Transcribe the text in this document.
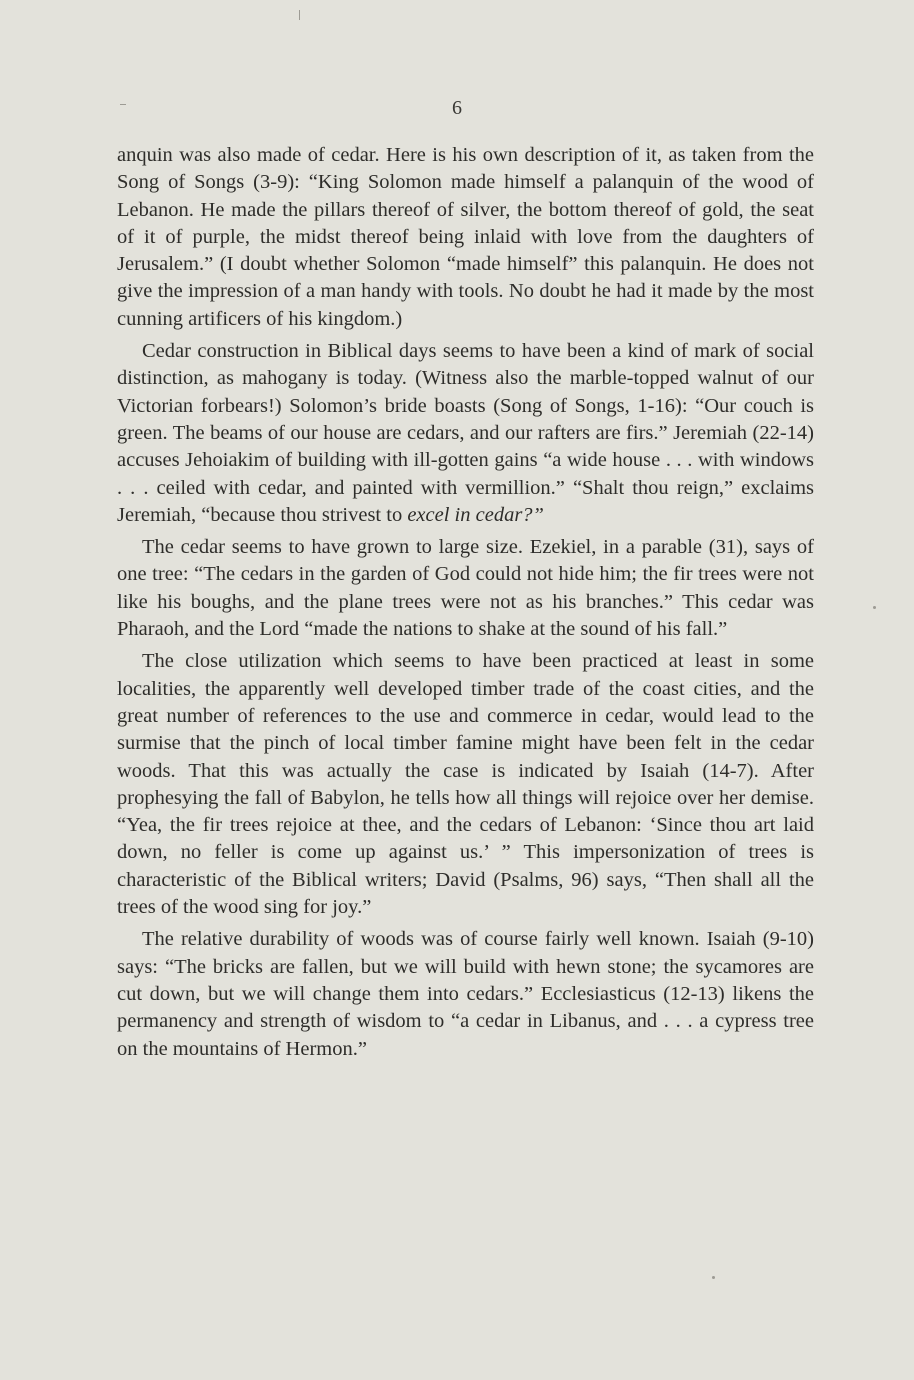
6

anquin was also made of cedar. Here is his own description of it, as taken from the Song of Songs (3-9): “King Solomon made himself a palanquin of the wood of Lebanon. He made the pillars thereof of silver, the bottom thereof of gold, the seat of it of purple, the midst thereof being inlaid with love from the daughters of Jerusalem.” (I doubt whether Solomon “made himself” this palanquin. He does not give the impression of a man handy with tools. No doubt he had it made by the most cunning artificers of his kingdom.)

Cedar construction in Biblical days seems to have been a kind of mark of social distinction, as mahogany is today. (Witness also the marble-topped walnut of our Victorian forbears!) Solomon’s bride boasts (Song of Songs, 1-16): “Our couch is green. The beams of our house are cedars, and our rafters are firs.” Jeremiah (22-14) accuses Jehoiakim of building with ill-gotten gains “a wide house . . . with windows . . . ceiled with cedar, and painted with vermillion.” “Shalt thou reign,” exclaims Jeremiah, “because thou strivest to excel in cedar?”

The cedar seems to have grown to large size. Ezekiel, in a parable (31), says of one tree: “The cedars in the garden of God could not hide him; the fir trees were not like his boughs, and the plane trees were not as his branches.” This cedar was Pharaoh, and the Lord “made the nations to shake at the sound of his fall.”

The close utilization which seems to have been practiced at least in some localities, the apparently well developed timber trade of the coast cities, and the great number of references to the use and commerce in cedar, would lead to the surmise that the pinch of local timber famine might have been felt in the cedar woods. That this was actually the case is indicated by Isaiah (14-7). After prophesying the fall of Babylon, he tells how all things will rejoice over her demise. “Yea, the fir trees rejoice at thee, and the cedars of Lebanon: ‘Since thou art laid down, no feller is come up against us.’ ” This impersonization of trees is characteristic of the Biblical writers; David (Psalms, 96) says, “Then shall all the trees of the wood sing for joy.”

The relative durability of woods was of course fairly well known. Isaiah (9-10) says: “The bricks are fallen, but we will build with hewn stone; the sycamores are cut down, but we will change them into cedars.” Ecclesiasticus (12-13) likens the permanency and strength of wisdom to “a cedar in Libanus, and . . . a cypress tree on the mountains of Hermon.”
